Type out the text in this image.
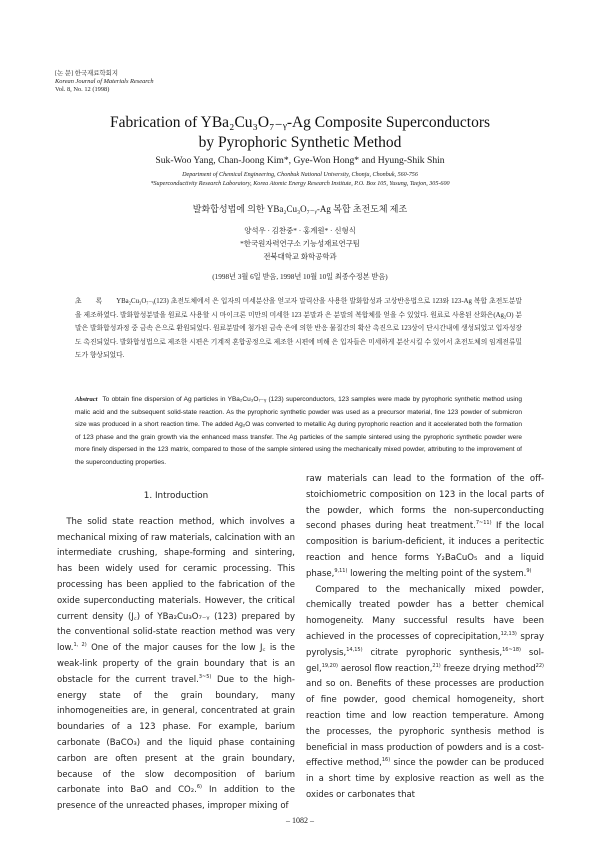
[논 문] 한국재료학회지
Korean Journal of Materials Research
Vol. 8, No. 12 (1998)
Fabrication of YBa₂Cu₃O₇₋ᵧ-Ag Composite Superconductors
by Pyrophoric Synthetic Method
Suk-Woo Yang, Chan-Joong Kim*, Gye-Won Hong* and Hyung-Shik Shin
Department of Chemical Engineering, Chonbuk National University, Chonju, Chonbuk, 560-756
*Superconductivity Research Laboratory, Korea Atomic Energy Research Institute, P.O. Box 105, Yusung, Taejon, 305-600
발화합성법에 의한 YBa₂Cu₃O₇₋ᵧ-Ag 복합 초전도체 제조
양석우 · 김찬중* · 홍계원* · 신형식
*한국원자력연구소 기능성재료연구팀
전북대학교 화학공학과
(1998년 3월 6일 받음, 1998년 10월 10일 최종수정본 받음)
초 록 YBa₂Cu₃O₇₋ᵧ(123) 초전도체에서 은 입자의 미세분산을 얻고자 말릭산을 사용한 발화합성과 고상반응법으로 123와 123-Ag 복합 초전도분말을 제조하였다. 발화합성분말을 원료로 사용할 시 마이크론 미만의 미세한 123 분말과 은 분말의 복합체를 얻을 수 있었다. 원료로 사용된 산화은(Ag₂O) 분말은 발화합성과정 중 금속 은으로 환원되었다. 원료분말에 첨가된 금속 은에 의한 반응 물질간의 확산 촉진으로 123상이 단시간내에 생성되었고 입자성장도 촉진되었다. 발화합성법으로 제조한 시편은 기계적 혼합공정으로 제조한 시편에 비해 은 입자들은 미세하게 분산시킬 수 있어서 초전도체의 임계전류밀도가 향상되었다.
Abstract To obtain fine dispersion of Ag particles in YBa₂Cu₃O₇₋ᵧ (123) superconductors, 123 samples were made by pyrophoric synthetic method using malic acid and the subsequent solid-state reaction. As the pyrophoric synthetic powder was used as a precursor material, fine 123 powder of submicron size was produced in a short reaction time. The added Ag₂O was converted to metallic Ag during pyrophoric reaction and it accelerated both the formation of 123 phase and the grain growth via the enhanced mass transfer. The Ag particles of the sample sintered using the pyrophoric synthetic powder were more finely dispersed in the 123 matrix, compared to those of the sample sintered using the mechanically mixed powder, attributing to the improvement of the superconducting properties.
1. Introduction
The solid state reaction method, which involves a mechanical mixing of raw materials, calcination with an intermediate crushing, shape-forming and sintering, has been widely used for ceramic processing. This processing has been applied to the fabrication of the oxide superconducting materials. However, the critical current density (J꜀) of YBa₂Cu₃O₇₋ᵧ (123) prepared by the conventional solid-state reaction method was very low.$^{1, 2)}$ One of the major causes for the low J꜀ is the weak-link property of the grain boundary that is an obstacle for the current travel.$^{3\sim 5)}$ Due to the high-energy state of the grain boundary, many inhomogeneities are, in general, concentrated at grain boundaries of a 123 phase. For example, barium carbonate (BaCO₃) and the liquid phase containing carbon are often present at the grain boundary, because of the slow decomposition of barium carbonate into BaO and CO₂.$^{6)}$ In addition to the presence of the unreacted phases, improper mixing of
raw materials can lead to the formation of the off-stoichiometric composition on 123 in the local parts of the powder, which forms the non-superconducting second phases during heat treatment.$^{7\sim 11)}$ If the local composition is barium-deficient, it induces a peritectic reaction and hence forms Y₂BaCuO₅ and a liquid phase,$^{9,11)}$ lowering the melting point of the system.$^{9)}$
Compared to the mechanically mixed powder, chemically treated powder has a better chemical homogeneity. Many successful results have been achieved in the processes of coprecipitation,$^{12,13)}$ spray pyrolysis,$^{14,15)}$ citrate pyrophoric synthesis,$^{16\sim 18)}$ sol-gel,$^{19,20)}$ aerosol flow reaction,$^{21)}$ freeze drying method$^{22)}$ and so on. Benefits of these processes are production of fine powder, good chemical homogeneity, short reaction time and low reaction temperature. Among the processes, the pyrophoric synthesis method is beneficial in mass production of powders and is a cost-effective method,$^{16)}$ since the powder can be produced in a short time by explosive reaction as well as the oxides or carbonates that
– 1082 –
